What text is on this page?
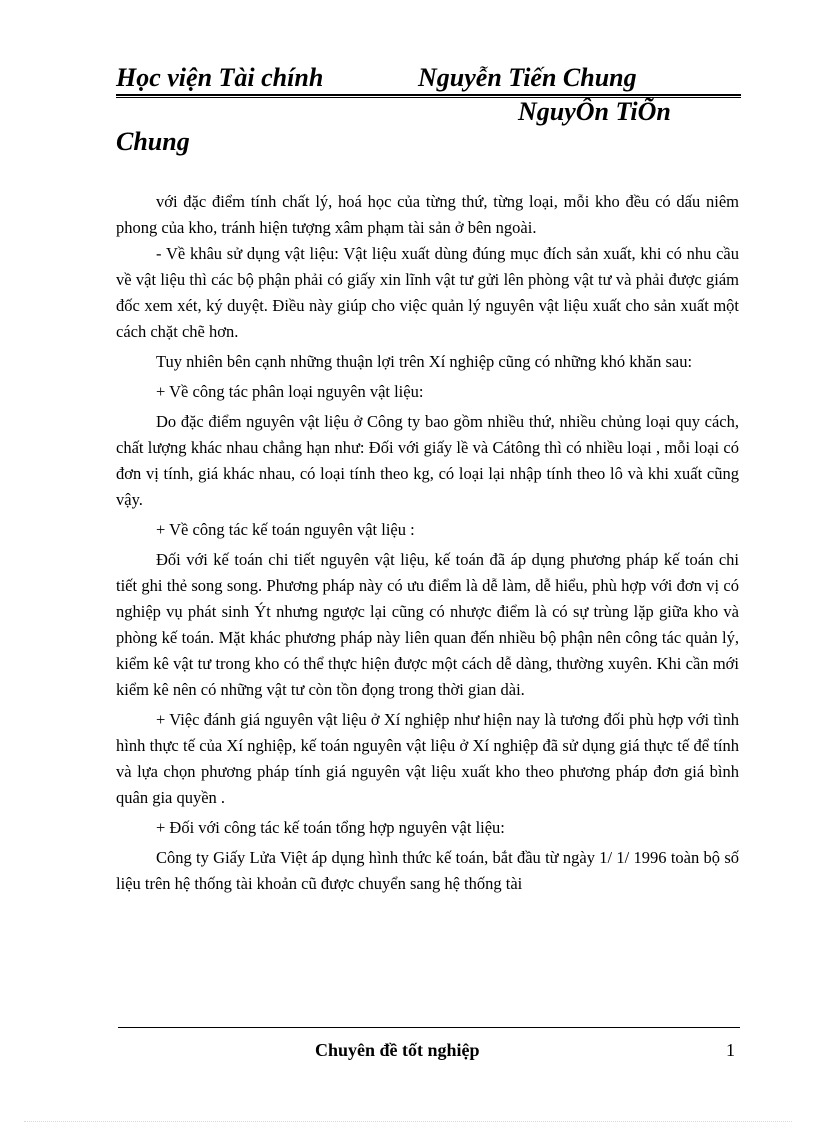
Học viện Tài chính	Nguyễn Tiến Chung
NguyÔn TiÕn
Chung

với đặc điểm tính chất lý, hoá học của từng thứ, từng loại, mỗi kho đều có dấu niêm phong của kho, tránh hiện tượng xâm phạm tài sản ở bên ngoài.

- Về khâu sử dụng vật liệu: Vật liệu xuất dùng đúng mục đích sản xuất, khi có nhu cầu về vật liệu thì các bộ phận phải có giấy xin lĩnh vật tư gửi lên phòng vật tư và phải được giám đốc xem xét, ký duyệt. Điều này giúp cho việc quản lý nguyên vật liệu xuất cho sản xuất một cách chặt chẽ hơn.

Tuy nhiên bên cạnh những thuận lợi trên Xí nghiệp cũng có những khó khăn sau:

+ Về công tác phân loại nguyên vật liệu:

Do đặc điểm nguyên vật liệu ở Công ty bao gồm nhiều thứ, nhiều chủng loại quy cách, chất lượng khác nhau chẳng hạn như: Đối với giấy lề và Cátông thì có nhiều loại , mỗi loại có đơn vị tính, giá khác nhau, có loại tính theo kg, có loại lại nhập tính theo lô và khi xuất cũng vậy.

+ Về công tác kế toán nguyên vật liệu :

Đối với kế toán chi tiết nguyên vật liệu, kế toán đã áp dụng phương pháp kế toán chi tiết ghi thẻ song song. Phương pháp này có ưu điểm là dễ làm, dễ hiểu, phù hợp với đơn vị có nghiệp vụ phát sinh Ýt nhưng ngược lại cũng có nhược điểm là có sự trùng lặp giữa kho và phòng kế toán. Mặt khác phương pháp này liên quan đến nhiều bộ phận nên công tác quản lý, kiểm kê vật tư trong kho có thể thực hiện được một cách dễ dàng, thường xuyên. Khi cần mới kiểm kê nên có những vật tư còn tồn đọng trong thời gian dài.

+ Việc đánh giá nguyên vật liệu ở Xí nghiệp như hiện nay là tương đối phù hợp với tình hình thực tế của Xí nghiệp, kế toán nguyên vật liệu ở Xí nghiệp đã sử dụng giá thực tế để tính và lựa chọn phương pháp tính giá nguyên vật liệu xuất kho theo phương pháp đơn giá bình quân gia quyền .

+ Đối với công tác kế toán tổng hợp nguyên vật liệu:

Công ty Giấy Lửa Việt áp dụng hình thức kế toán, bắt đầu từ ngày 1/ 1/ 1996 toàn bộ số liệu trên hệ thống tài khoản cũ được chuyển sang hệ thống tài

Chuyên đề tốt nghiệp	1
